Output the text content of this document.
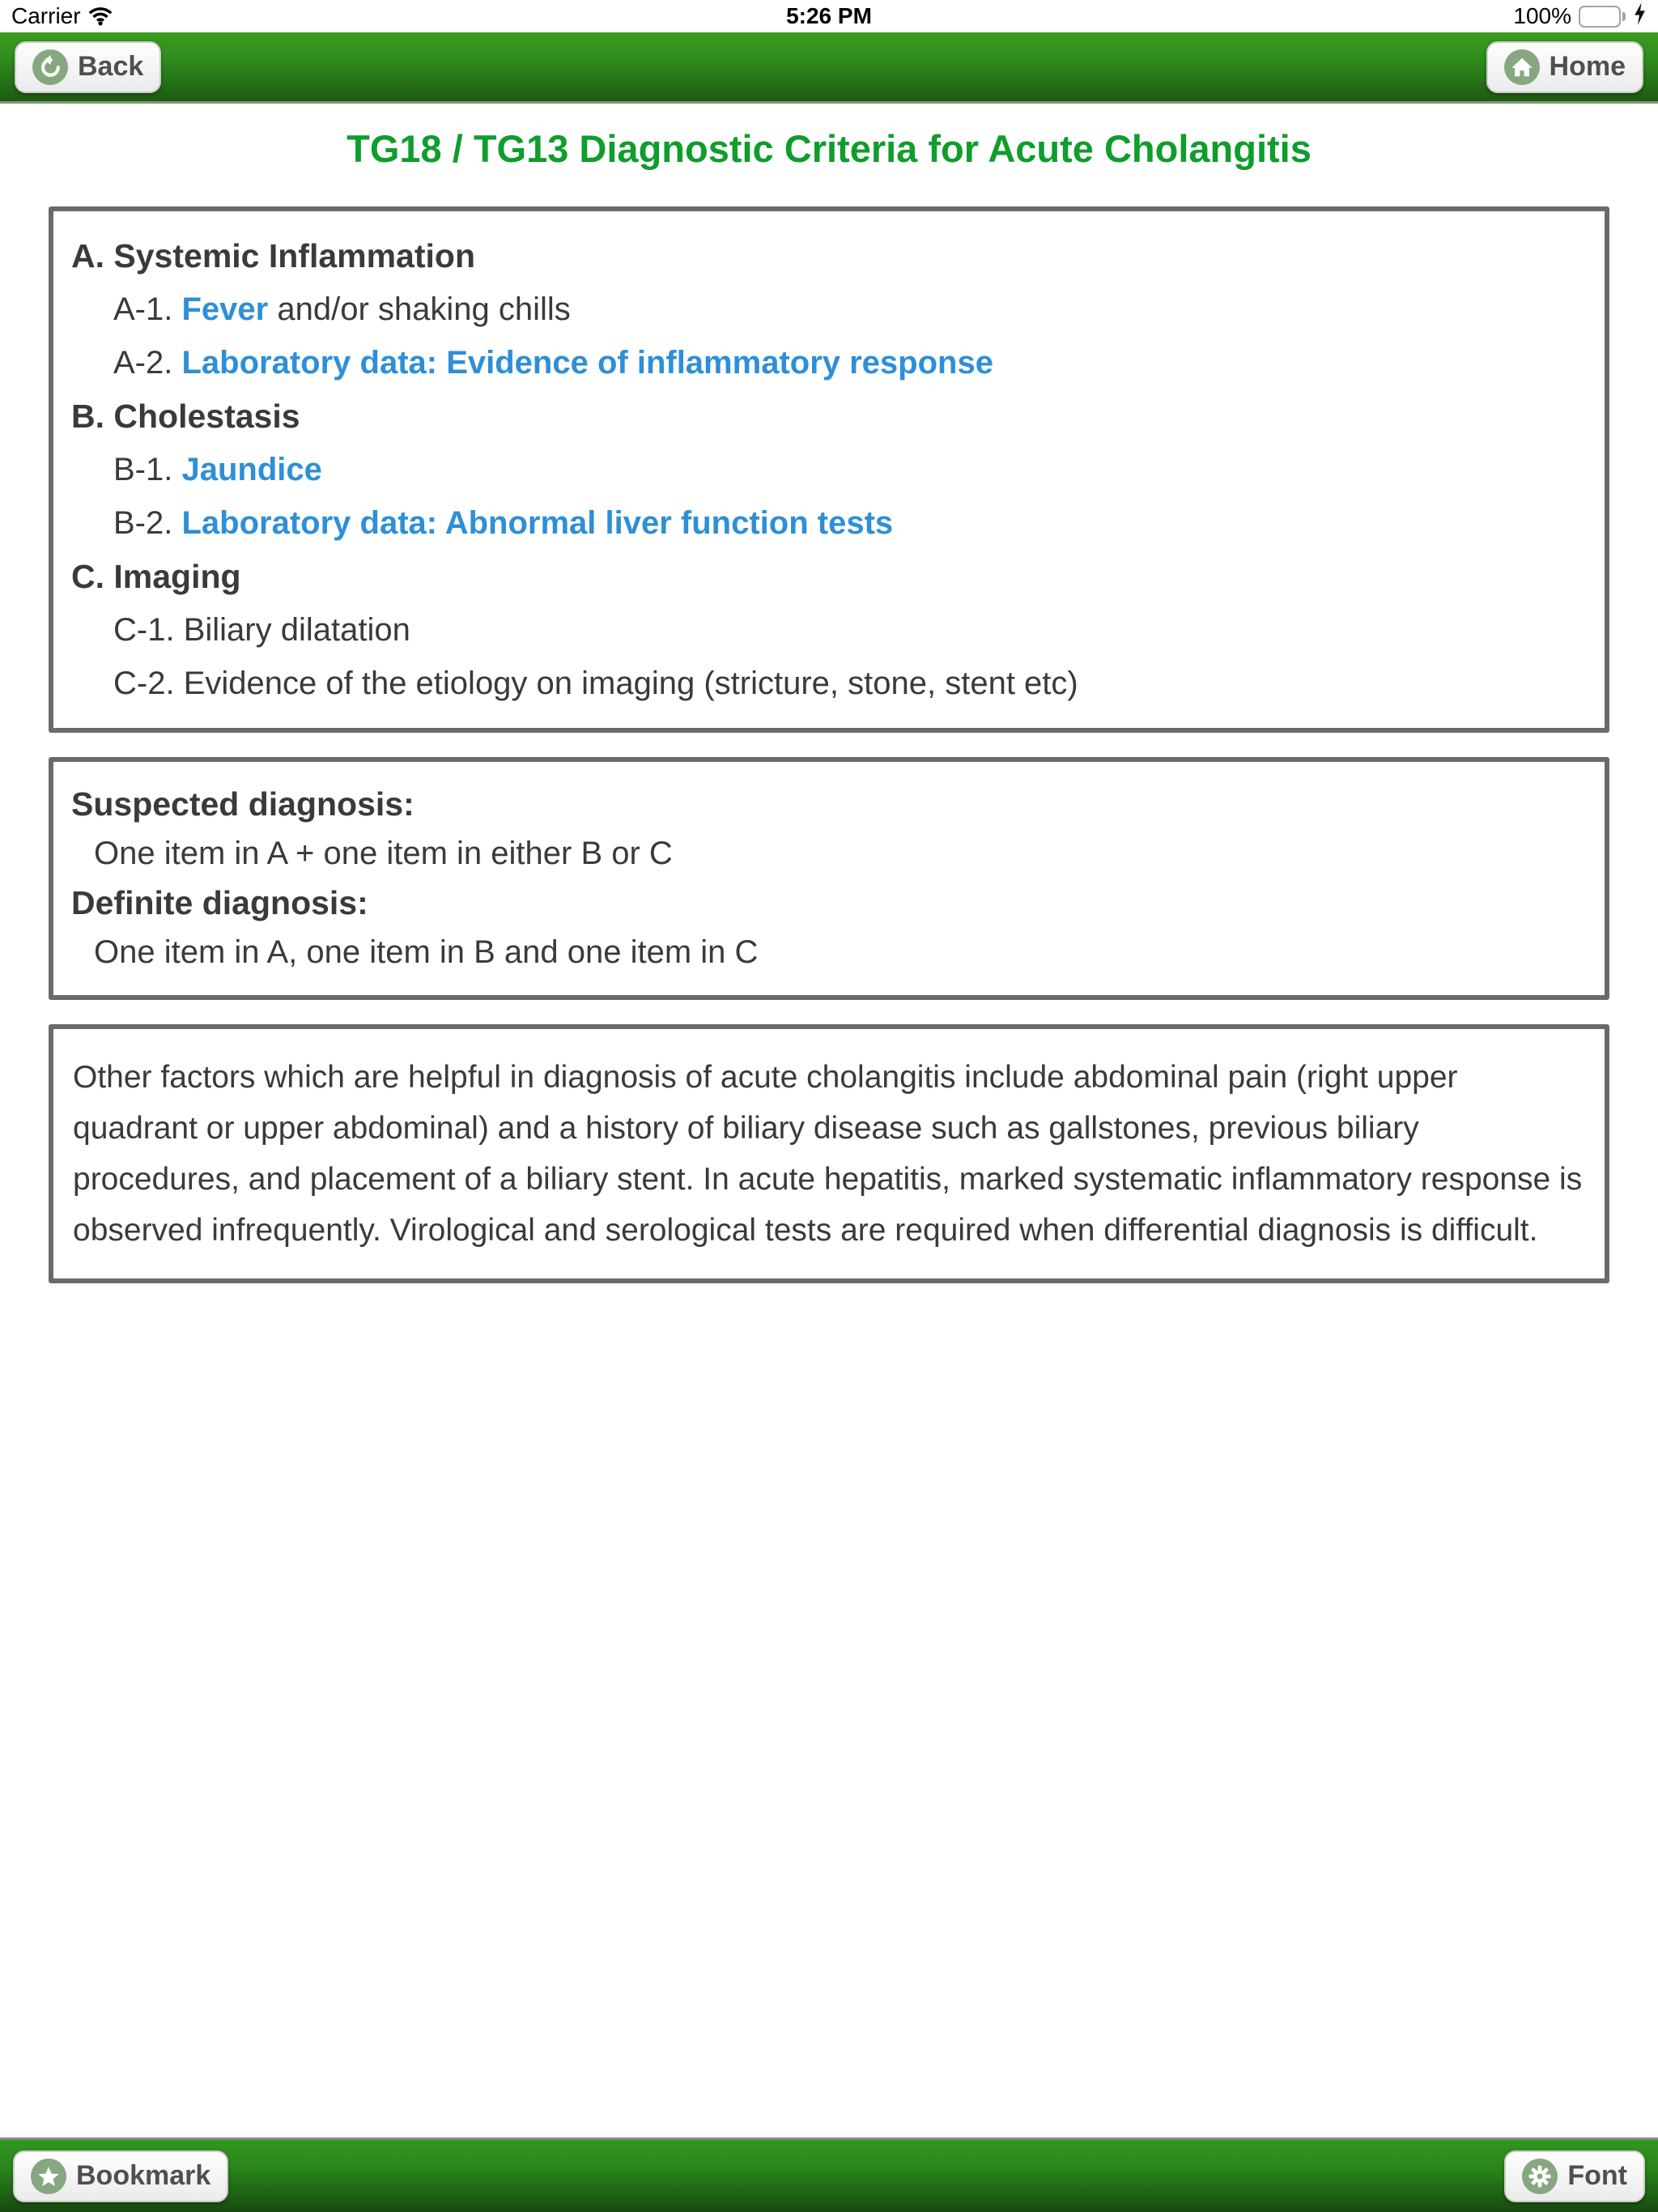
Carrier	5:26 PM	100%
Back	Home
TG18 / TG13 Diagnostic Criteria for Acute Cholangitis
A. Systemic Inflammation
A-1. Fever and/or shaking chills
A-2. Laboratory data: Evidence of inflammatory response
B. Cholestasis
B-1. Jaundice
B-2. Laboratory data: Abnormal liver function tests
C. Imaging
C-1. Biliary dilatation
C-2. Evidence of the etiology on imaging (stricture, stone, stent etc)
Suspected diagnosis:
One item in A + one item in either B or C
Definite diagnosis:
One item in A, one item in B and one item in C

Other factors which are helpful in diagnosis of acute cholangitis include abdominal pain (right upper quadrant or upper abdominal) and a history of biliary disease such as gallstones, previous biliary procedures, and placement of a biliary stent. In acute hepatitis, marked systematic inflammatory response is observed infrequently. Virological and serological tests are required when differential diagnosis is difficult.

Bookmark	Font
